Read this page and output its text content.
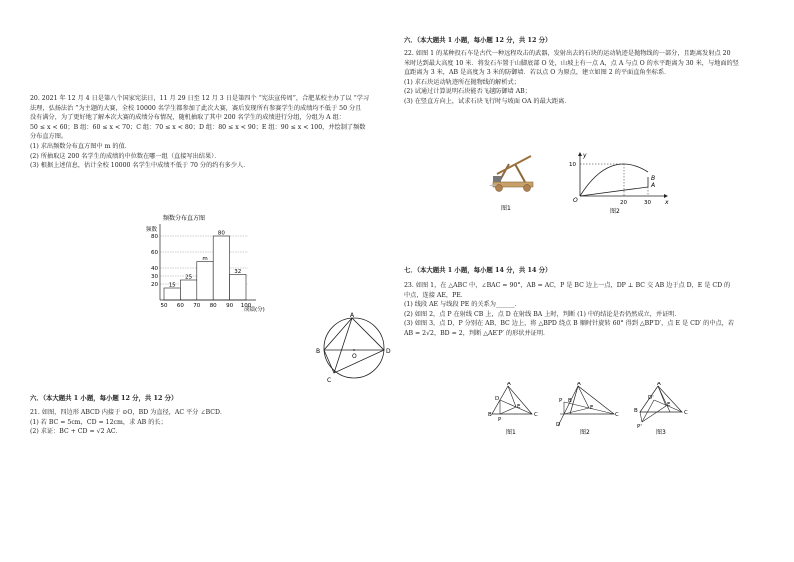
20. 2021 年 12 月 4 日是第八个国家宪法日，11 月 29 日至 12 月 3 日是第四个 “宪法宣传周”，合肥某校主办了以 “学习

法理，弘扬法治 ”为主题的大赛，全校 10000 名学生都参加了此次大赛，赛后发现所有参赛学生的成绩均不低于 50 分且

没有满分，为了更好地了解本次大赛的成绩分布情况，随机抽取了其中 200 名学生的成绩进行分组，分组为 A 组：

50 ≤ x < 60；B 组：60 ≤ x < 70；C 组：70 ≤ x < 80；D 组：80 ≤ x < 90；E 组：90 ≤ x < 100，并绘制了频数

分布直方图。

(1) 求出频数分布直方图中 m 的值．

(2) 所抽取这 200 名学生的成绩的中位数在哪一组（直接写出结果）．

(3) 根据上述信息，估计全校 10000 名学生中成绩不低于 70 分的约有多少人．

频数分布直方图
频数
15
25
m
80
32
20
30
40
60
80
50 60 70 80 90 100
成绩(分)
A
B
C
D
O

六．（本大题共 1 小题，每小题 12 分，共 12 分）

21. 如图，四边形 ABCD 内接于 ⊙O，BD 为直径，AC 平分 ∠BCD．

(1) 若 BC = 5cm，CD = 12cm，求 AB 的长；

(2) 求证：BC + CD = √2 AC．

六．（本大题共 1 小题，每小题 12 分，共 12 分）

22. 如图 1 的某种投石车是古代一种远程攻击的武器，发射出去的石块的运动轨迹是抛物线的一部分，且距离发射点 20

米时达到最大高度 10 米．将发石车置于山脚底部 O 处，山坡上有一点 A，点 A 与点 O 的水平距离为 30 米，与地面的竖

直距离为 3 米，AB 是高度为 3 米的防御墙．若以点 O 为原点，建立如图 2 的平面直角坐标系．

(1) 求石块运动轨迹所在抛物线的解析式；

(2) 试通过计算说明石块能否飞越防御墙 AB；

(3) 在竖直方向上，试求石块飞行时与坡面 OA 的最大距离．

图1
y
x
O
10
20	30
A
B
图2

七．（本大题共 1 小题，每小题 14 分，共 14 分）

23. 如图 1，在 △ABC 中，∠BAC = 90°，AB = AC，P 是 BC 边上一点，DP ⊥ BC 交 AB 边于点 D，E 是 CD 的

中点，连接 AE，PE．

(1) 线段 AE 与线段 PE 的关系为______．

(2) 如图 2，点 P 在射线 CB 上，点 D 在射线 BA 上时，判断 (1) 中的结论是否仍然成立，并证明．

(3) 如图 3，点 D，P 分别在 AB，BC 边上，将 △BPD 绕点 B 顺时针旋转 60° 得到 △BP′D′，点 E 是 CD′ 的中点，若

AB = 2√2，BD = 2，判断 △AE′P′ 的形状并证明．

A
D
B	C
P
E
图1
A
P B
C
E
D
图2
A
B	C
E
P'
D'
图3
